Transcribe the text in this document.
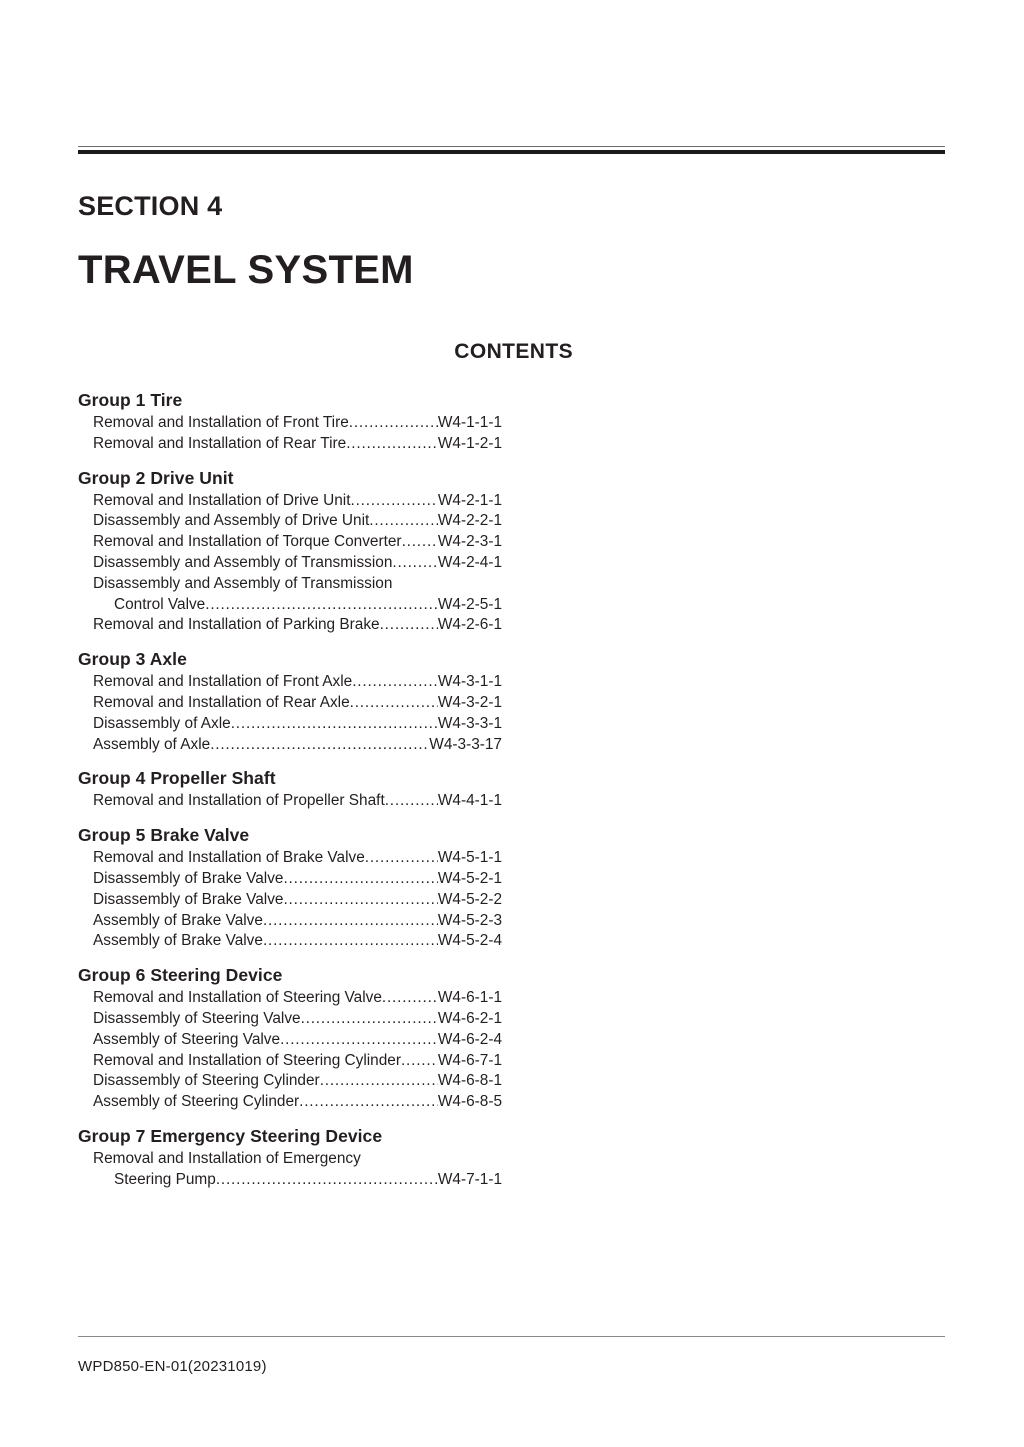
SECTION 4
TRAVEL SYSTEM
CONTENTS
Group 1 Tire
Removal and Installation of Front Tire .....	W4-1-1-1
Removal and Installation of Rear Tire .....	W4-1-2-1
Group 2 Drive Unit
Removal and Installation of Drive Unit .....	W4-2-1-1
Disassembly and Assembly of Drive Unit .....	W4-2-2-1
Removal and Installation of Torque Converter ..... W4-2-3-1
Disassembly and Assembly of Transmission .....	W4-2-4-1
Disassembly and Assembly of Transmission
Control Valve .....	W4-2-5-1
Removal and Installation of Parking Brake .....	W4-2-6-1
Group 3 Axle
Removal and Installation of Front Axle .....	W4-3-1-1
Removal and Installation of Rear Axle .....	W4-3-2-1
Disassembly of Axle .....	W4-3-3-1
Assembly of Axle .....	W4-3-3-17
Group 4 Propeller Shaft
Removal and Installation of Propeller Shaft .....	W4-4-1-1
Group 5 Brake Valve
Removal and Installation of Brake Valve .....	W4-5-1-1
Disassembly of Brake Valve .....	W4-5-2-1
Disassembly of Brake Valve .....	W4-5-2-2
Assembly of Brake Valve .....	W4-5-2-3
Assembly of Brake Valve .....	W4-5-2-4
Group 6 Steering Device
Removal and Installation of Steering Valve .....	W4-6-1-1
Disassembly of Steering Valve .....	W4-6-2-1
Assembly of Steering Valve .....	W4-6-2-4
Removal and Installation of Steering Cylinder ..... W4-6-7-1
Disassembly of Steering Cylinder .....	W4-6-8-1
Assembly of Steering Cylinder .....	W4-6-8-5
Group 7 Emergency Steering Device
Removal and Installation of Emergency
Steering Pump .....	W4-7-1-1
WPD850-EN-01(20231019)
